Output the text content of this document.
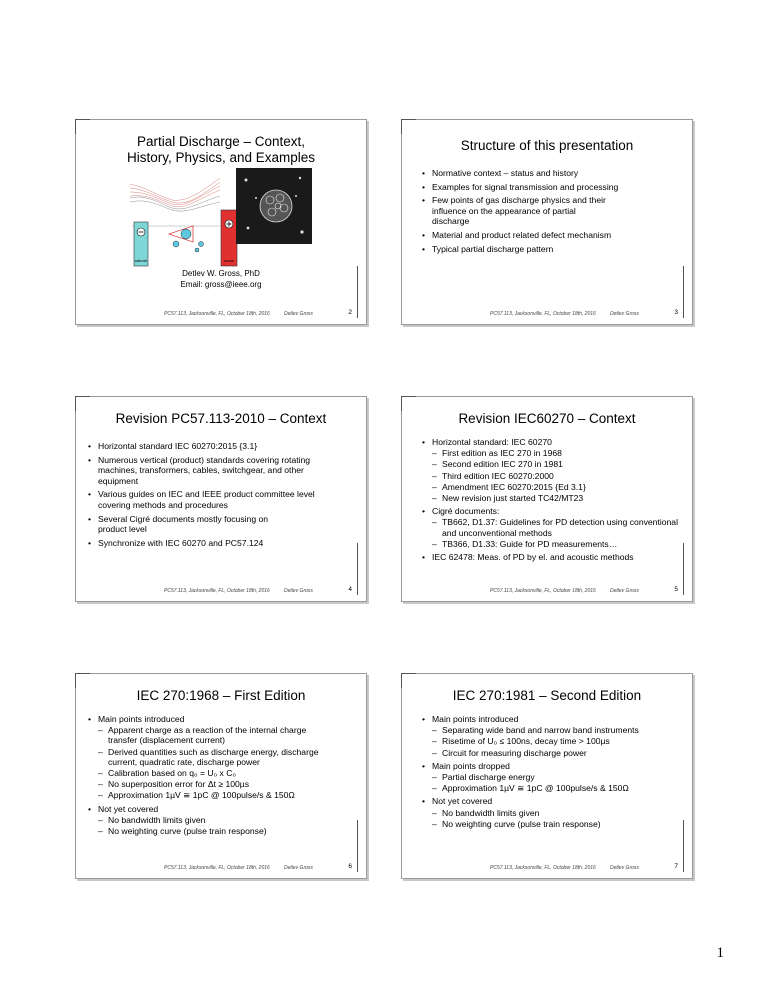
Partial Discharge – Context, History, Physics, and Examples
cathode	anode
Detlev W. Gross, PhD
Email: gross@ieee.org
PC57.113, Jacksonville, FL, October 18th, 2016	Detlev Gross	2
Structure of this presentation
• Normative context – status and history
• Examples for signal transmission and processing
• Few points of gas discharge physics and their influence on the appearance of partial discharge
• Material and product related defect mechanism
• Typical partial discharge pattern
PC57.113, Jacksonville, FL, October 18th, 2016	Detlev Gross	3
Revision PC57.113-2010 – Context
• Horizontal standard IEC 60270:2015 {3.1}
• Numerous vertical (product) standards covering rotating machines, transformers, cables, switchgear, and other equipment
• Various guides on IEC and IEEE product committee level covering methods and procedures
• Several Cigré documents mostly focusing on product level
• Synchronize with IEC 60270 and PC57.124
PC57.113, Jacksonville, FL, October 18th, 2016	Detlev Gross	4
Revision IEC60270 – Context
• Horizontal standard: IEC 60270
– First edition as IEC 270 in 1968
– Second edition IEC 270 in 1981
– Third edition IEC 60270:2000
– Amendment IEC 60270:2015 {Ed 3.1}
– New revision just started TC42/MT23
• Cigré documents:
– TB662, D1.37: Guidelines for PD detection using conventional and unconventional methods
– TB366, D1.33: Guide for PD measurements…
• IEC 62478: Meas. of PD by el. and acoustic methods
PC57.113, Jacksonville, FL, October 18th, 2016	Detlev Gross	5
IEC 270:1968 – First Edition
• Main points introduced
– Apparent charge as a reaction of the internal charge transfer (displacement current)
– Derived quantities such as discharge energy, discharge current, quadratic rate, discharge power
– Calibration based on q₀ = U₀ x C₀
– No superposition error for Δt ≥ 100µs
– Approximation 1µV ≅ 1pC @ 100pulse/s & 150Ω
• Not yet covered
– No bandwidth limits given
– No weighting curve (pulse train response)
PC57.113, Jacksonville, FL, October 18th, 2016	Detlev Gross	6
IEC 270:1981 – Second Edition
• Main points introduced
– Separating wide band and narrow band instruments
– Risetime of U₀ ≤ 100ns, decay time > 100µs
– Circuit for measuring discharge power
• Main points dropped
– Partial discharge energy
– Approximation 1µV ≅ 1pC @ 100pulse/s & 150Ω
• Not yet covered
– No bandwidth limits given
– No weighting curve (pulse train response)
PC57.113, Jacksonville, FL, October 18th, 2016	Detlev Gross	7
1
